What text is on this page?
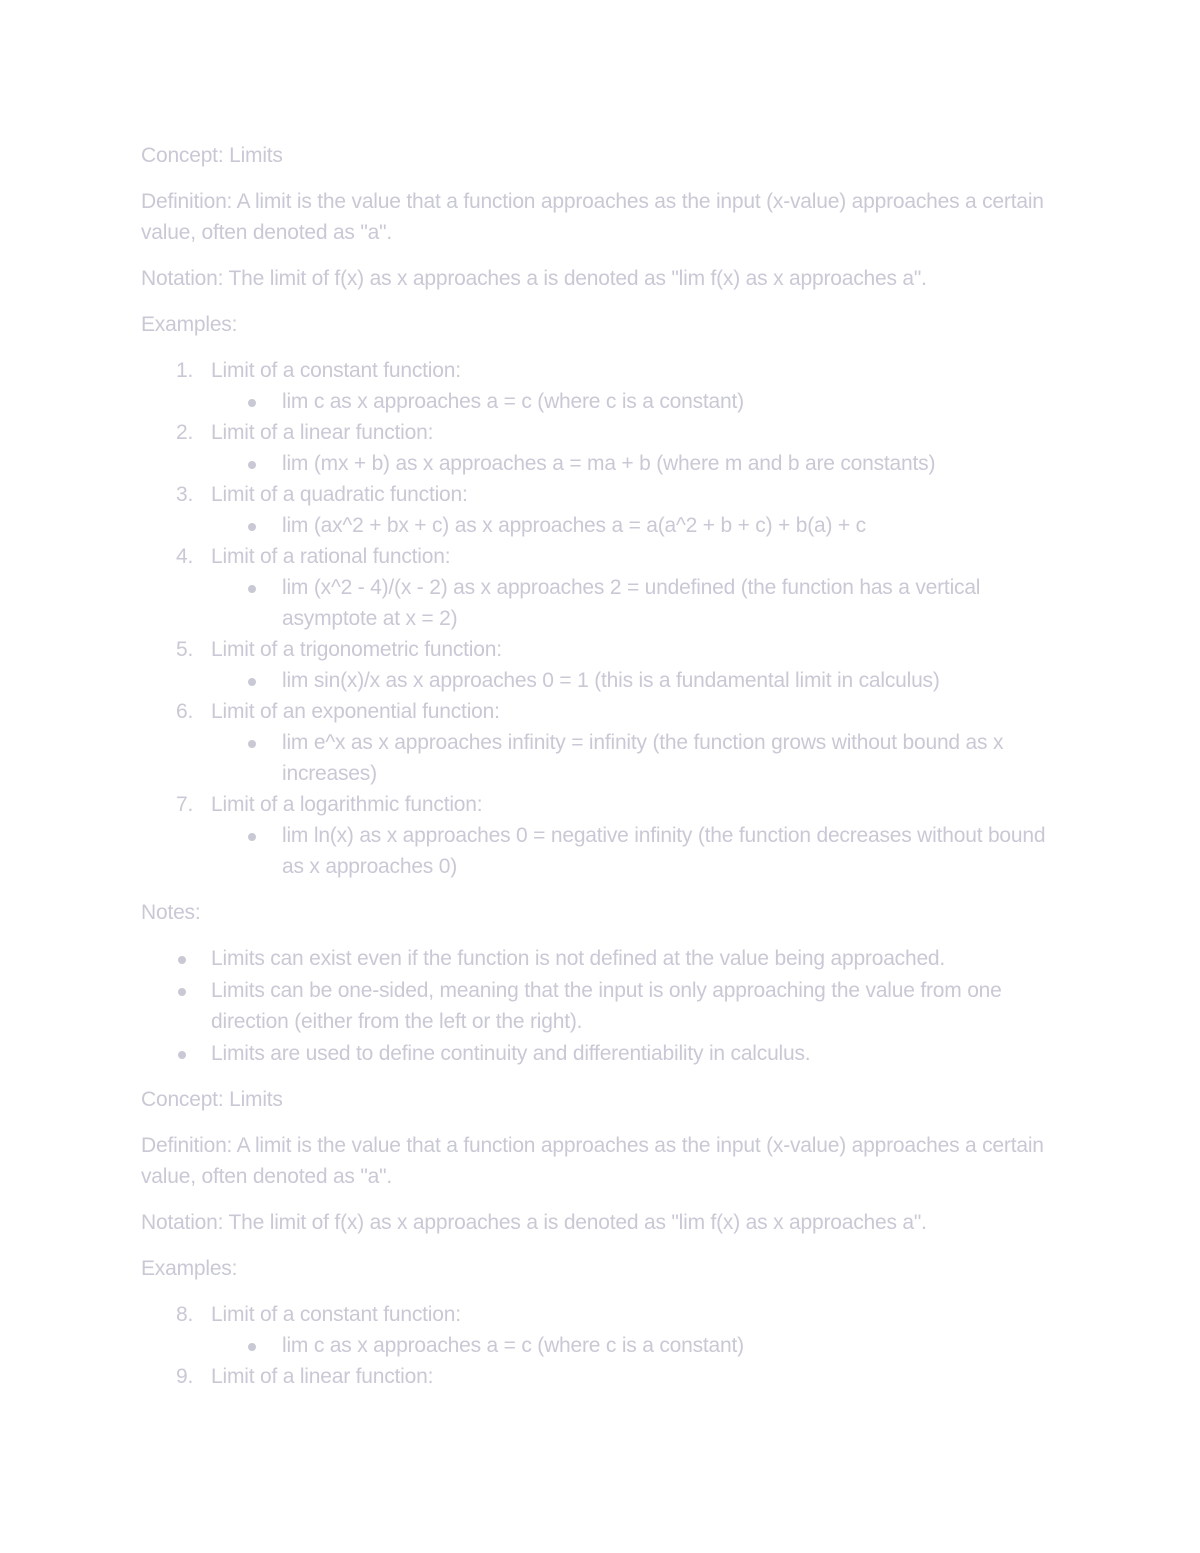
Concept: Limits
Definition: A limit is the value that a function approaches as the input (x-value) approaches a certain value, often denoted as "a".
Notation: The limit of f(x) as x approaches a is denoted as "lim f(x) as x approaches a".
Examples:
1. Limit of a constant function:
lim c as x approaches a = c (where c is a constant)
2. Limit of a linear function:
lim (mx + b) as x approaches a = ma + b (where m and b are constants)
3. Limit of a quadratic function:
lim (ax^2 + bx + c) as x approaches a = a(a^2 + b + c) + b(a) + c
4. Limit of a rational function:
lim (x^2 - 4)/(x - 2) as x approaches 2 = undefined (the function has a vertical asymptote at x = 2)
5. Limit of a trigonometric function:
lim sin(x)/x as x approaches 0 = 1 (this is a fundamental limit in calculus)
6. Limit of an exponential function:
lim e^x as x approaches infinity = infinity (the function grows without bound as x increases)
7. Limit of a logarithmic function:
lim ln(x) as x approaches 0 = negative infinity (the function decreases without bound as x approaches 0)
Notes:
Limits can exist even if the function is not defined at the value being approached.
Limits can be one-sided, meaning that the input is only approaching the value from one direction (either from the left or the right).
Limits are used to define continuity and differentiability in calculus.
Concept: Limits
Definition: A limit is the value that a function approaches as the input (x-value) approaches a certain value, often denoted as "a".
Notation: The limit of f(x) as x approaches a is denoted as "lim f(x) as x approaches a".
Examples:
8. Limit of a constant function:
lim c as x approaches a = c (where c is a constant)
9. Limit of a linear function:
